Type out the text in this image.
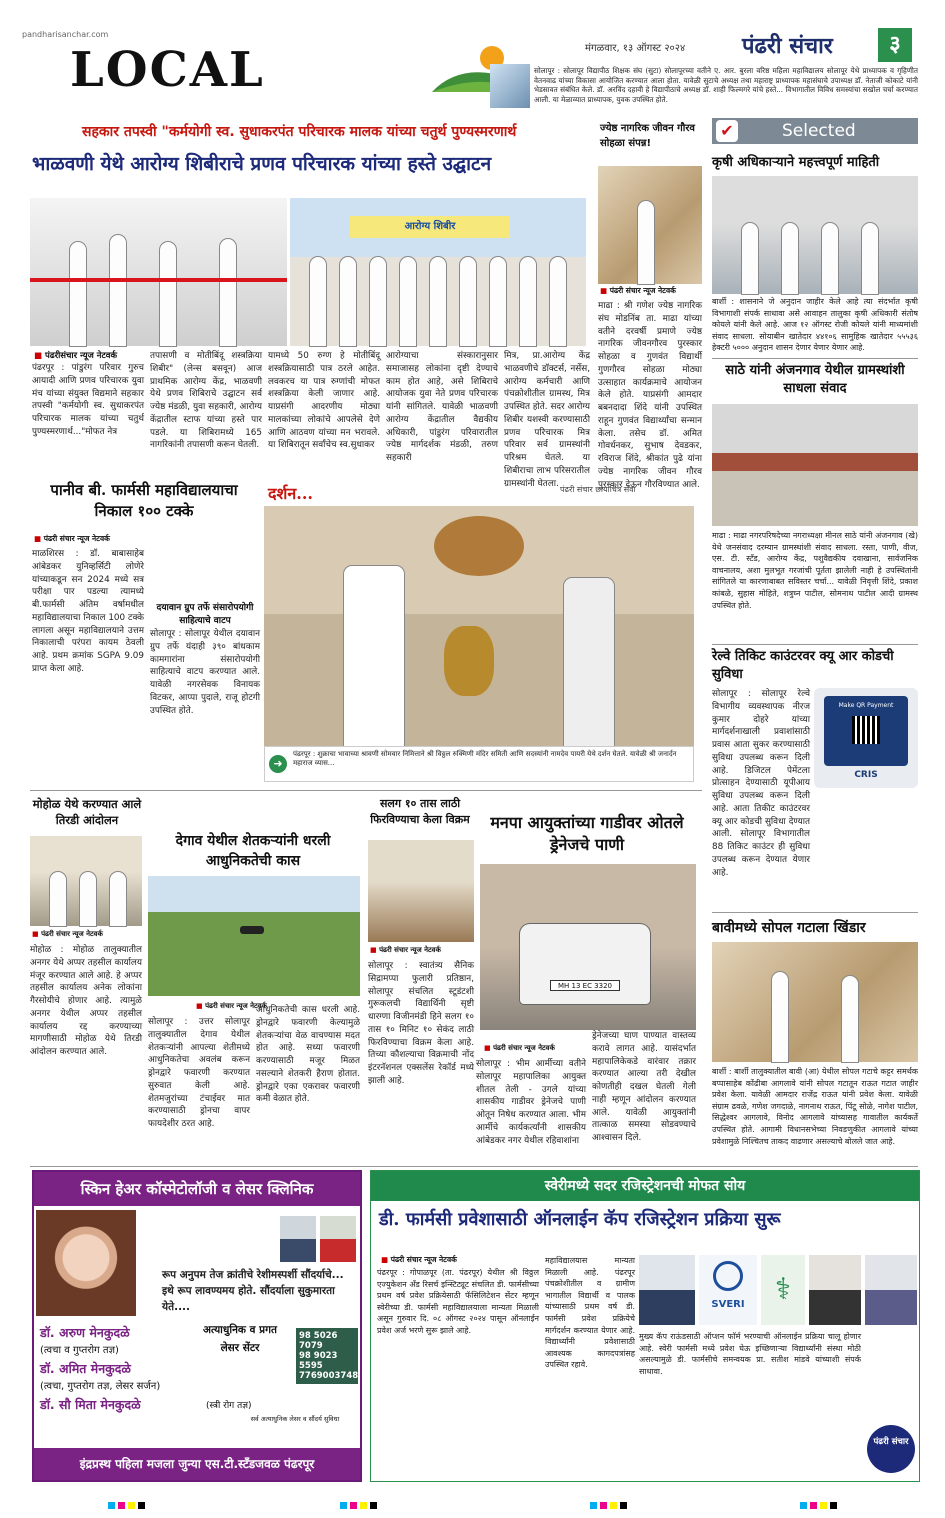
pandharisanchar.com
LOCAL	मंगळवार, १३ ऑगस्ट २०२४	पंढरी संचार	३
सोलापूर : सोलापूर विद्यापीठ शिक्षक संघ (सुटा) सोलापूरच्या वतीने ए. आर. बुरला वरिष्ठ महिला महाविद्यालय सोलापूर येथे प्राध्यापक व गृहिणीत वेतनवाढ यांच्या विकासा आयोजित करण्यात आला होता. यावेळी सुटाचे अध्यक्ष तथा महाराष्ट्र प्राध्यापक महासंघाचे उपाध्यक्ष डॉ. नेताजी कोकाटे यांनी भेडसावत संबंधित केले. डॉ. अरविंद दहावी हे विद्यापीठाचे अध्यक्ष डॉ. शाही फिल्मगरे यांचे हस्ते... विभागातील विविध समस्यांचा सखोल चर्चा करण्यात आली. या मेळाव्यात प्राध्यापक, युवक उपस्थित होते.
सहकार तपस्वी "कर्मयोगी स्व. सुधाकरपंत परिचारक मालक यांच्या चतुर्थ पुण्यस्मरणार्थ
भाळवणी येथे आरोग्य शिबीराचे प्रणव परिचारक यांच्या हस्ते उद्घाटन
आरोग्य शिबीर
■ पंढरीसंचार न्यूज नेटवर्क
पंढरपूर : पांडुरंग परिवार गुरुच आयादी आणि प्रणव परिचारक युवा मंच यांच्या संयुक्त विद्यमाने सहकार तपस्वी "कर्मयोगी स्व. सुधाकरपंत परिचारक मालक यांच्या चतुर्थ पुण्यस्मरणार्थ..."मोफत नेत्र
तपासणी व मोतीबिंदू शस्त्रक्रिया शिबीर" (लेन्स बसवून) आज प्राथमिक आरोग्य केंद्र, भाळवणी येथे प्रणव शिबिराचे उद्घाटन सर्व ज्येष्ठ मंडळी, युवा सहकारी, आरोग्य केंद्रातील स्टाफ यांच्या हस्ते पार पडले. या शिबिरामध्ये 165 नागरिकांनी तपासणी करून घेतली.
यामध्ये 50 रुग्ण हे मोतीबिंदू शस्त्रक्रियासाठी पात्र ठरले आहेत. लवकरच या पात्र रुग्णांची मोफत शस्त्रक्रिया केली जाणार आहे. याप्रसंगी आदरणीय मोठ्या मालकांच्या लोकांचे आपलेसे देणे आणि आठवण यांच्या मन भरावले. या शिबिरातून सर्वांचेच स्व.सुधाकर
आरोग्याचा संस्कारानुसार समाजासह लोकांना दृष्टी देण्याचे काम होत आहे, असे शिबिराचे आयोजक युवा नेते प्रणव परिचारक यांनी सांगितले. यावेळी भाळवणी आरोग्य केंद्रातील वैद्यकीय अधिकारी, पांडुरंग परिवारातील ज्येष्ठ मार्गदर्शक मंडळी, तरुण सहकारी
मित्र, प्रा.आरोग्य केंद्र भाळवणीचे डॉक्टर्स, नर्सेस, आरोग्य कर्मचारी आणि पंचक्रोशीतील ग्रामस्थ, मित्र उपस्थित होते. सदर आरोग्य शिबीर यशस्वी करण्यासाठी प्रणव परिचारक मित्र परिवार सर्व ग्रामस्थांनी परिश्रम घेतले. या शिबीराचा लाभ परिसरातील ग्रामस्थांनी घेतला.
ज्येष्ठ नागरिक जीवन गौरव सोहळा संपन्न!
■ पंढरी संचार न्यूज नेटवर्क
माढा : श्री गणेश ज्येष्ठ नागरिक संघ मोडनिंब ता. माढा यांच्या वतीने दरवर्षी प्रमाणे ज्येष्ठ नागरिक जीवनगौरव पुरस्कार सोहळा व गुणवंत विद्यार्थी गुणगौरव सोहळा मोठ्या उत्साहात कार्यक्रमाचे आयोजन केले होते. याप्रसंगी आमदार बबनदादा शिंदे यांनी उपस्थित राहून गुणवंत विद्यार्थ्यांचा सन्मान केला. तसेच डॉ. अमित गोवर्धनकर, सुभाष देवडकर, रविराज शिंदे, श्रीकांत पुढे यांना ज्येष्ठ नागरिक जीवन गौरव पुरस्कार देऊन गौरविण्यात आले.
✔	Selected
कृषी अधिकाऱ्याने महत्त्वपूर्ण माहिती
बार्शी : शासनाने जे अनुदान जाहीर केले आहे त्या संदर्भात कृषी विभागाशी संपर्क साधावा असे आवाहन तालुका कृषी अधिकारी संतोष कोयले यांनी केले आहे. आज १२ ऑगस्ट रोजी कोयले यांनी माध्यमांशी संवाद साधला. सोयाबीन खातेदार ४४१०६ सामुहिक खातेदार ५५५३६ हेक्टरी ५००० अनुदान शासन देणार येणार येणार आहे.
साठे यांनी अंजनगाव येथील ग्रामस्थांशी साधला संवाद
माढा : माढा नगरपरिषदेच्या नगराध्यक्षा मीनल साठे यांनी अंजनगाव (खे) येथे जनसंवाद दरम्यान ग्रामस्थांशी संवाद साधला. रस्ता, पाणी, वीज, एस. टी. स्टँड, आरोग्य केंद्र, पशुवैद्यकीय दवाखाना, सार्वजनिक वाचनालय, अशा मुलभूत गरजांची पूर्तता झालेली नाही हे उपस्थितांनी सांगितले या कारणाबाबत सविस्तर चर्चा... यावेळी निवृत्ती शिंदे, प्रकाश कांबळे, सुहास मोहिते, शत्रुघ्न पाटील, सोमनाथ पाटील आदी ग्रामस्थ उपस्थित होते.
रेल्वे तिकिट काउंटरवर क्यू आर कोडची सुविधा
सोलापूर : सोलापूर रेल्वे विभागीय व्यवस्थापक नीरज कुमार दोहरे यांच्या मार्गदर्शनाखाली प्रवाशांसाठी प्रवास आता सुकर करण्यासाठी सुविधा उपलब्ध करून दिली आहे. डिजिटल पेमेंटला प्रोत्साहन देण्यासाठी यूपीआय सुविधा उपलब्ध करून दिली आहे. आता तिकीट काउंटरवर क्यू आर कोडची सुविधा देण्यात आली. सोलापूर विभागातील 88 तिकिट काउंटर ही सुविधा उपलब्ध करून देण्यात येणार आहे.
Make QR Payment
CRIS
बावीमध्ये सोपल गटाला खिंडार
बार्शी : बार्शी तालुक्यातील बावी (आ) येथील सोपल गटाचे कट्टर समर्थक बप्पासाहेब कोंढीबा आगलावे यांनी सोपल गटातून राऊत गटात जाहीर प्रवेश केला. यावेळी आमदार राजेंद्र राऊत यांनी प्रवेश केला. यावेळी संग्राम ढवळे, गणेश जगदाळे, नागनाथ राऊत, पिंटू सोळे, नागेश पाटील, सिद्धेश्वर आगलावे, विनोद आगलावे यांच्यासह गावातील कार्यकर्ते उपस्थित होते. आगामी विधानसभेच्या निवडणुकीत आगलावे यांच्या प्रवेशामुळे निश्चितच ताकद वाढणार असल्याचे बोलले जात आहे.
पानीव बी. फार्मसी महाविद्यालयाचा निकाल १०० टक्के
■ पंढरी संचार न्यूज नेटवर्क
माळशिरस : डॉ. बाबासाहेब आंबेडकर युनिव्हर्सिटी लोणेरे यांच्याकडून सन 2024 मध्ये सत्र परीक्षा पार पडल्या त्यामध्ये बी.फार्मसी अंतिम वर्षामधील महाविद्यालयाचा निकाल 100 टक्के लागला असून महाविद्यालयाने उत्तम निकालाची परंपरा कायम ठेवली आहे. प्रथम क्रमांक SGPA 9.09 प्राप्त केला आहे.
दयावान ग्रुप तर्फे संसारोपयोगी साहित्याचे वाटप
सोलापूर : सोलापूर येथील दयावान ग्रुप तर्फे यंदाही ३९० बांधकाम कामगारांना संसारोपयोगी साहित्याचे वाटप करण्यात आले. यावेळी नगरसेवक विनायक विटकर, आप्पा पुदाले, राजू होटगी उपस्थित होते.
दर्शन...	पंढरी संचार छायाचित्र सेवा
➜
पंढरपूर : शुक्राचा भावाच्या श्रावणी सोमवार निमित्ताने श्री विठ्ठल रुक्मिणी मंदिर समिती आणि सदस्यांनी नामदेव पायरी येथे दर्शन घेतले. यावेळी श्री जनार्दन महाराज व्यास...
मोहोळ येथे करण्यात आले तिरडी आंदोलन
■ पंढरी संचार न्यूज नेटवर्क
मोहोळ : मोहोळ तालुक्यातील अनगर येथे अप्पर तहसील कार्यालय मंजूर करण्यात आले आहे. हे अप्पर तहसील कार्यालय अनेक लोकांना गैरसोयीचे होणार आहे. त्यामुळे अनगर येथील अप्पर तहसील कार्यालय रद्द करण्याच्या मागणीसाठी मोहोळ येथे तिरडी आंदोलन करण्यात आले.
देगाव येथील शेतकऱ्यांनी धरली आधुनिकतेची कास
■ पंढरी संचार न्यूज नेटवर्क
सोलापूर : उत्तर सोलापूर तालुक्यातील देगाव येथील शेतकऱ्यांनी आपल्या शेतीमध्ये आधुनिकतेचा अवलंब करून ड्रोनद्वारे फवारणी करण्यात सुरुवात केली आहे. शेतमजुरांच्या टंचाईवर मात करण्यासाठी ड्रोनचा वापर फायदेशीर ठरत आहे.
आधुनिकतेची कास धरली आहे. ड्रोनद्वारे फवारणी केल्यामुळे शेतकऱ्यांचा वेळ वाचण्यास मदत होत आहे. सध्या फवारणी करण्यासाठी मजूर मिळत नसल्याने शेतकरी हैराण होतात. ड्रोनद्वारे एका एकरावर फवारणी कमी वेळात होते.
सलग १० तास लाठी फिरविण्याचा केला विक्रम
■ पंढरी संचार न्यूज नेटवर्क
सोलापूर : स्वातंत्र्य सैनिक सिद्रामप्पा फुलारी प्रतिष्ठान, सोलापूर संचलित स्टूडंटशी गुरूकलची विद्यार्थिनी सृष्टी धारग्णा विजीनमंडी हिने सलग १० तास १० मिनिट १० सेकंद लाठी फिरविण्याचा विक्रम केला आहे. तिच्या कौशल्याचा विक्रमाची नोंद इंटरनॅशनल एक्सलेंस रेकॉर्ड मध्ये झाली आहे.
मनपा आयुक्तांच्या गाडीवर ओतले ड्रेनेजचे पाणी
MH 13 EC 3320
■ पंढरी संचार न्यूज नेटवर्क
सोलापूर : भीम आर्मीच्या वतीने सोलापूर महापालिका आयुक्त शीतल तेली - उगले यांच्या शासकीय गाडीवर ड्रेनेजचे पाणी ओतून निषेध करण्यात आला. भीम आर्मीचे कार्यकर्त्यांनी शासकीय आंबेडकर नगर येथील रहिवाशांना
ड्रेनेजच्या घाण पाण्यात वास्तव्य करावे लागत आहे. यासंदर्भात महापालिकेकडे वारंवार तक्रार करण्यात आल्या तरी देखील कोणतीही दखल घेतली गेली नाही म्हणून आंदोलन करण्यात आले. यावेळी आयुक्तांनी तात्काळ समस्या सोडवण्याचे आश्वासन दिले.
स्किन हेअर कॉस्मेटोलॉजी व लेसर क्लिनिक
रूप अनुपम तेज क्रांतीचे रेशीमस्पर्शी सौंदर्याचे... इथे रूप लावण्यमय होते. सौंदर्याला सुकुमारता येते....
डॉ. अरुण मेनकुदळे
(त्वचा व गुप्तरोग तज्ञ)
डॉ. अमित मेनकुदळे
(त्वचा, गुप्तरोग तज्ञ, लेसर सर्जन)
डॉ. सौ मिता मेनकुदळे	(स्त्री रोग तज्ञ)
अत्याधुनिक व प्रगत लेसर सेंटर
98 5026 7079
98 9023 5595
7769003748
सर्व अत्याधुनिक लेसर व सौंदर्य सुविधा
इंद्रप्रस्थ पहिला मजला जुन्या एस.टी.स्टँडजवळ पंढरपूर
स्वेरीमध्ये सदर रजिस्ट्रेशनची मोफत सोय
डी. फार्मसी प्रवेशासाठी ऑनलाईन कॅप रजिस्ट्रेशन प्रक्रिया सुरू
■ पंढरी संचार न्यूज नेटवर्क
पंढरपूर : गोपाळपूर (ता. पंढरपूर) येथील श्री विठ्ठल एज्युकेशन अँड रिसर्च इन्स्टिट्यूट संचलित डी. फार्मसीच्या प्रथम वर्ष प्रवेश प्रक्रियेसाठी फॅसिलिटेशन सेंटर म्हणून स्वेरीच्या डी. फार्मसी महाविद्यालयाला मान्यता मिळाली असून गुरुवार दि. ०८ ऑगस्ट २०२४ पासून ऑनलाईन प्रवेश अर्ज भरणे सुरू झाले आहे.
महाविद्यालयास मान्यता मिळाली आहे. पंढरपूर पंचक्रोशीतील व ग्रामीण भागातील विद्यार्थी व पालक यांच्यासाठी प्रथम वर्ष डी. फार्मसी प्रवेश प्रक्रियेचे मार्गदर्शन करण्यात येणार आहे. विद्यार्थ्यांनी प्रवेशासाठी आवश्यक कागदपत्रांसह उपस्थित रहावे.
SVERI	⚕
मुख्य कॅप राऊंडसाठी ऑप्शन फॉर्म भरण्याची ऑनलाईन प्रक्रिया चालू होणार आहे. स्वेरी फार्मसी मध्ये प्रवेश घेऊ इच्छिणाऱ्या विद्यार्थ्यांनी संस्था मोठी असल्यामुळे डी. फार्मसीचे समन्वयक प्रा. सतीश मांडवे यांच्याशी संपर्क साधावा.
पंढरी संचार
